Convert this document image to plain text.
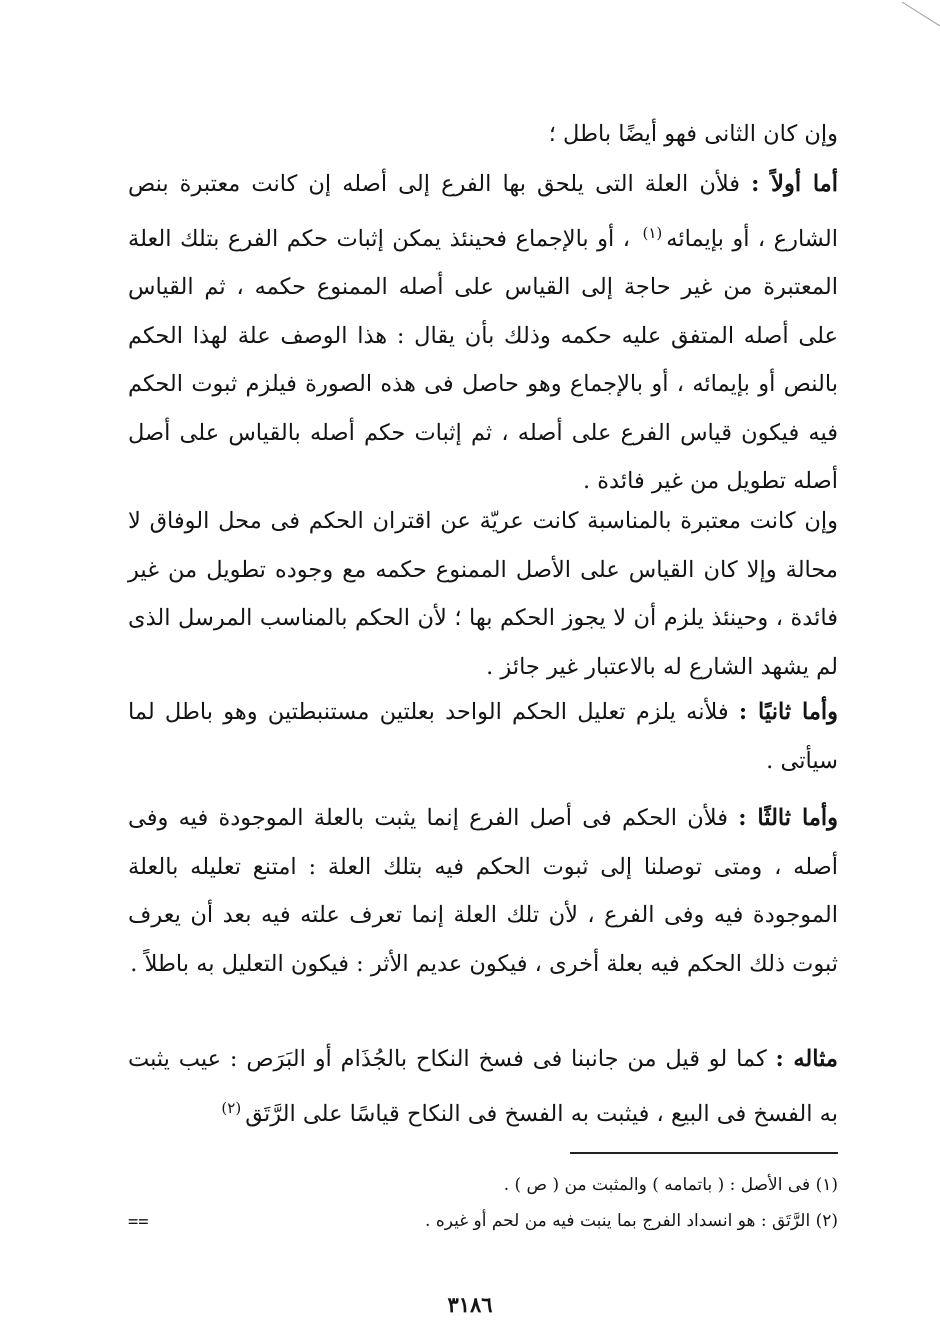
وإن كان الثانى فهو أيضًا باطل ؛

أما أولاً : فلأن العلة التى يلحق بها الفرع إلى أصله إن كانت معتبرة بنص الشارع ، أو بإيمائه$^{(١)}$ ، أو بالإجماع فحينئذ يمكن إثبات حكم الفرع بتلك العلة المعتبرة من غير حاجة إلى القياس على أصله الممنوع حكمه ، ثم القياس على أصله المتفق عليه حكمه وذلك بأن يقال : هذا الوصف علة لهذا الحكم بالنص أو بإيمائه ، أو بالإجماع وهو حاصل فى هذه الصورة فيلزم ثبوت الحكم فيه فيكون قياس الفرع على أصله ، ثم إثبات حكم أصله بالقياس على أصل أصله تطويل من غير فائدة .

وإن كانت معتبرة بالمناسبة كانت عريّة عن اقتران الحكم فى محل الوفاق لا محالة وإلا كان القياس على الأصل الممنوع حكمه مع وجوده تطويل من غير فائدة ، وحينئذ يلزم أن لا يجوز الحكم بها ؛ لأن الحكم بالمناسب المرسل الذى لم يشهد الشارع له بالاعتبار غير جائز .

وأما ثانيًا : فلأنه يلزم تعليل الحكم الواحد بعلتين مستنبطتين وهو باطل لما سيأتى .

وأما ثالثًا : فلأن الحكم فى أصل الفرع إنما يثبت بالعلة الموجودة فيه وفى أصله ، ومتى توصلنا إلى ثبوت الحكم فيه بتلك العلة : امتنع تعليله بالعلة الموجودة فيه وفى الفرع ، لأن تلك العلة إنما تعرف علته فيه بعد أن يعرف ثبوت ذلك الحكم فيه بعلة أخرى ، فيكون عديم الأثر : فيكون التعليل به باطلاً .

مثاله : كما لو قيل من جانبنا فى فسخ النكاح بالجُذَام أو البَرَص : عيب يثبت به الفسخ فى البيع ، فيثبت به الفسخ فى النكاح قياسًا على الرَّتَق$^{(٢)}$

(١) فى الأصل : ( باتمامه ) والمثبت من ( ص ) .
(٢) الرَّتَق : هو انسداد الفرج بما ينبت فيه من لحم أو غيره .
==
٣١٨٦
